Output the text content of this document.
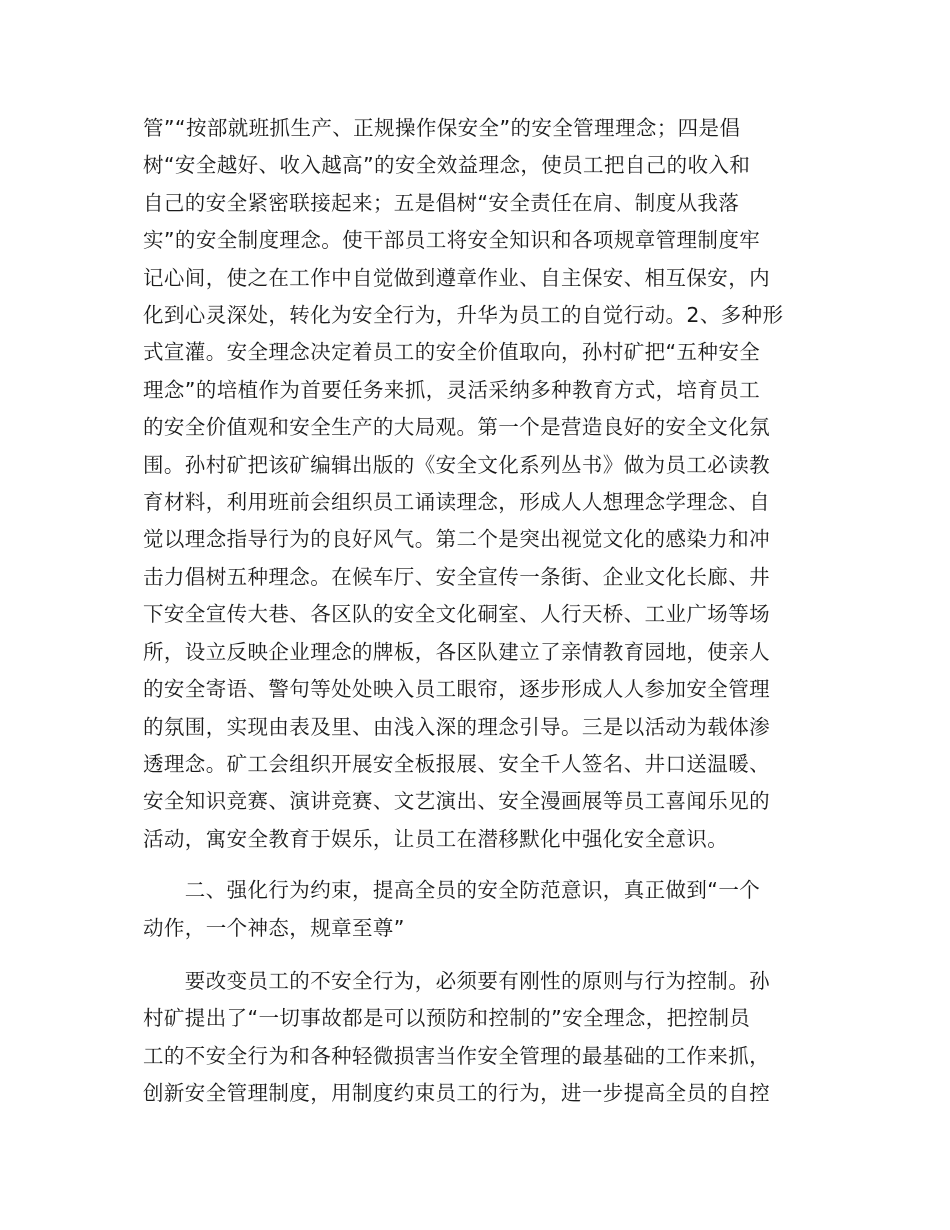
管”“按部就班抓生产、正规操作保安全”的安全管理理念；四是倡
树“安全越好、收入越高”的安全效益理念，使员工把自己的收入和
自己的安全紧密联接起来；五是倡树“安全责任在肩、制度从我落
实”的安全制度理念。使干部员工将安全知识和各项规章管理制度牢
记心间，使之在工作中自觉做到遵章作业、自主保安、相互保安，内
化到心灵深处，转化为安全行为，升华为员工的自觉行动。2、多种形
式宣灌。安全理念决定着员工的安全价值取向，孙村矿把“五种安全
理念”的培植作为首要任务来抓，灵活采纳多种教育方式，培育员工
的安全价值观和安全生产的大局观。第一个是营造良好的安全文化氛
围。孙村矿把该矿编辑出版的《安全文化系列丛书》做为员工必读教
育材料，利用班前会组织员工诵读理念，形成人人想理念学理念、自
觉以理念指导行为的良好风气。第二个是突出视觉文化的感染力和冲
击力倡树五种理念。在候车厅、安全宣传一条街、企业文化长廊、井
下安全宣传大巷、各区队的安全文化硐室、人行天桥、工业广场等场
所，设立反映企业理念的牌板，各区队建立了亲情教育园地，使亲人
的安全寄语、警句等处处映入员工眼帘，逐步形成人人参加安全管理
的氛围，实现由表及里、由浅入深的理念引导。三是以活动为载体渗
透理念。矿工会组织开展安全板报展、安全千人签名、井口送温暖、
安全知识竞赛、演讲竞赛、文艺演出、安全漫画展等员工喜闻乐见的
活动，寓安全教育于娱乐，让员工在潜移默化中强化安全意识。

　　二、强化行为约束，提高全员的安全防范意识，真正做到“一个
动作，一个神态，规章至尊”

　　要改变员工的不安全行为，必须要有刚性的原则与行为控制。孙
村矿提出了“一切事故都是可以预防和控制的”安全理念，把控制员
工的不安全行为和各种轻微损害当作安全管理的最基础的工作来抓，
创新安全管理制度，用制度约束员工的行为，进一步提高全员的自控
